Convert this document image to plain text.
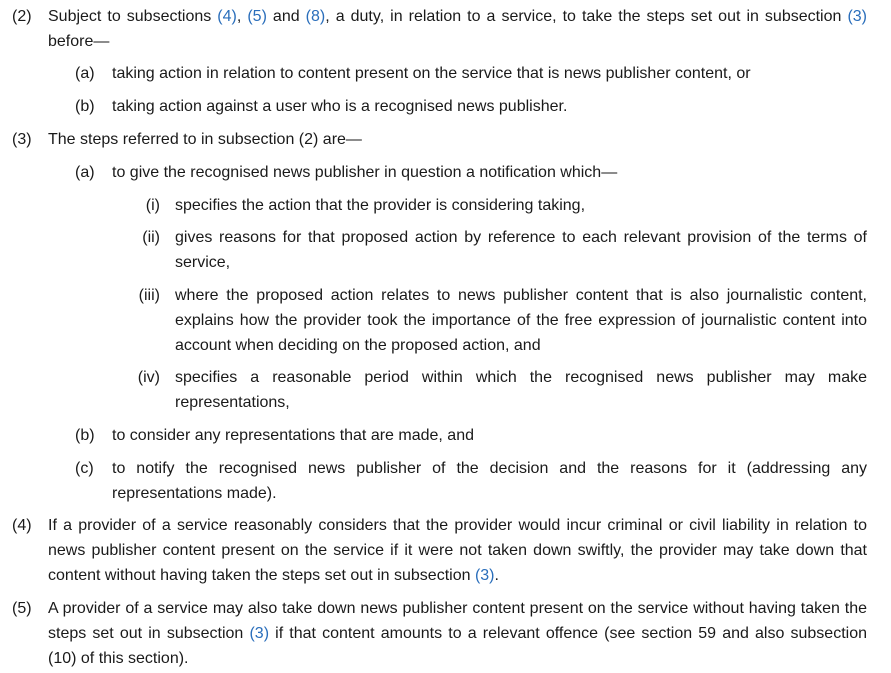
(2)	Subject to subsections (4), (5) and (8), a duty, in relation to a service, to take the steps set out in subsection (3) before—
(a)	taking action in relation to content present on the service that is news publisher content, or
(b)	taking action against a user who is a recognised news publisher.
(3)	The steps referred to in subsection (2) are—
(a)	to give the recognised news publisher in question a notification which—
(i) specifies the action that the provider is considering taking,
(ii) gives reasons for that proposed action by reference to each relevant provision of the terms of service,
(iii) where the proposed action relates to news publisher content that is also journalistic content, explains how the provider took the importance of the free expression of journalistic content into account when deciding on the proposed action, and
(iv) specifies a reasonable period within which the recognised news publisher may make representations,
(b)	to consider any representations that are made, and
(c)	to notify the recognised news publisher of the decision and the reasons for it (addressing any representations made).
(4)	If a provider of a service reasonably considers that the provider would incur criminal or civil liability in relation to news publisher content present on the service if it were not taken down swiftly, the provider may take down that content without having taken the steps set out in subsection (3).
(5)	A provider of a service may also take down news publisher content present on the service without having taken the steps set out in subsection (3) if that content amounts to a relevant offence (see section 59 and also subsection (10) of this section).
